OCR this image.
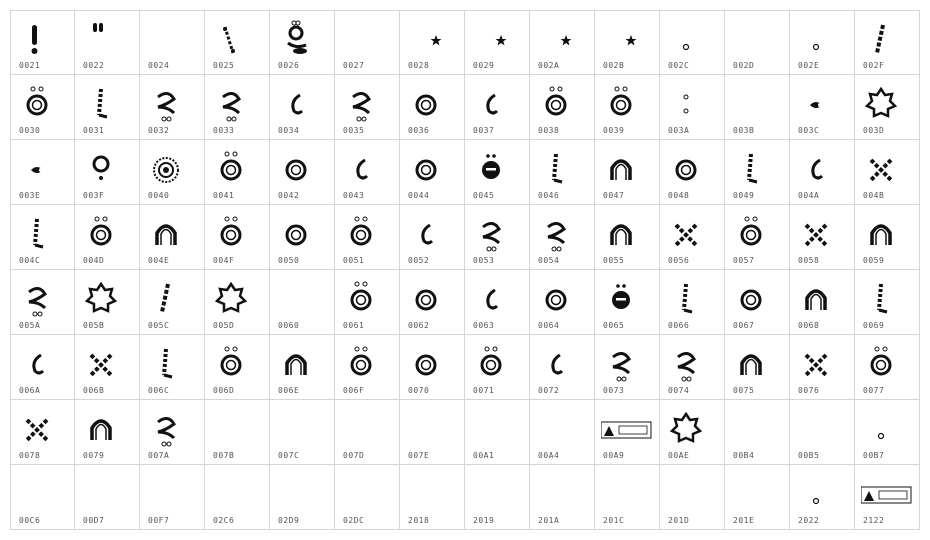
0021	0022	0024	0025	0026	0027	0028	0029	002A	002B	002C	002D	002E	002F
0030	0031	0032	0033	0034	0035	0036	0037	0038	0039	003A	003B	003C	003D
003E	003F	0040	0041	0042	0043	0044	0045	0046	0047	0048	0049	004A	004B
004C	004D	004E	004F	0050	0051	0052	0053	0054	0055	0056	0057	0058	0059
005A	005B	005C	005D	0060	0061	0062	0063	0064	0065	0066	0067	0068	0069
006A	006B	006C	006D	006E	006F	0070	0071	0072	0073	0074	0075	0076	0077
0078	0079	007A	007B	007C	007D	007E	00A1	00A4	00A9	00AE	00B4	00B5	00B7
00C6	00D7	00F7	02C6	02D9	02DC	2018	2019	201A	201C	201D	201E	2022	2122
